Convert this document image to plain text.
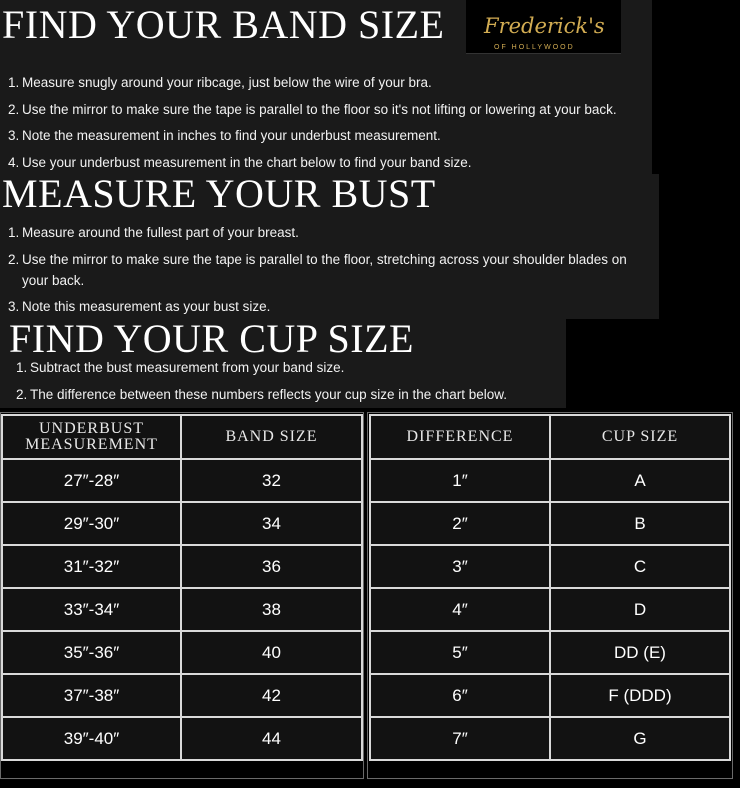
FIND YOUR BAND SIZE Frederick's
OF HOLLYWOOD
1. Measure snugly around your ribcage, just below the wire of your bra.
2. Use the mirror to make sure the tape is parallel to the floor so it's not lifting or lowering at your back.
3. Note the measurement in inches to find your underbust measurement.
4. Use your underbust measurement in the chart below to find your band size.
MEASURE YOUR BUST
1. Measure around the fullest part of your breast.
2. Use the mirror to make sure the tape is parallel to the floor, stretching across your shoulder blades on your back.
3. Note this measurement as your bust size.
FIND YOUR CUP SIZE
1. Subtract the bust measurement from your band size.
2. The difference between these numbers reflects your cup size in the chart below.
UNDERBUST MEASUREMENT	BAND SIZE
27″-28″	32
29″-30″	34
31″-32″	36
33″-34″	38
35″-36″	40
37″-38″	42
39″-40″	44
DIFFERENCE	CUP SIZE
1″	A
2″	B
3″	C
4″	D
5″	DD (E)
6″	F (DDD)
7″	G
